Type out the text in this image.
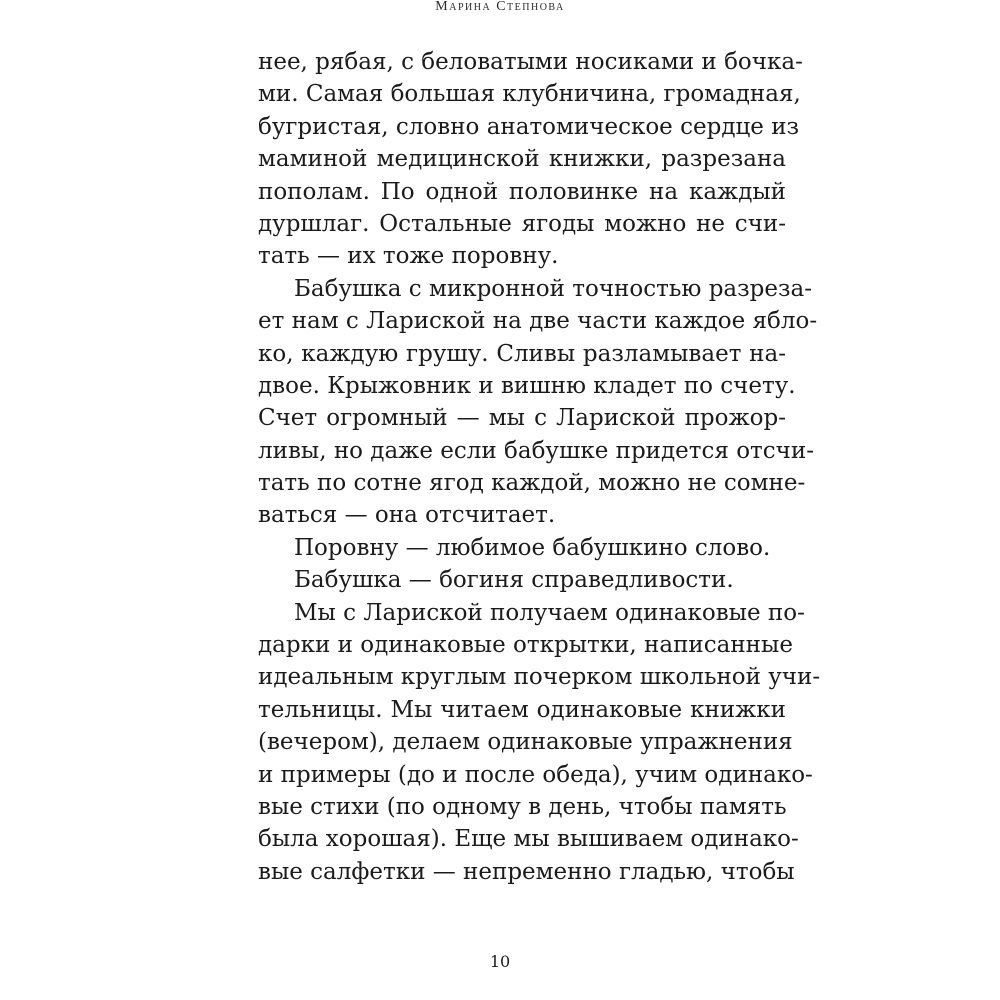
Марина Степнова
нее, рябая, с беловатыми носиками и бочка-
ми. Самая большая клубничина, громадная,
бугристая, словно анатомическое сердце из
маминой медицинской книжки, разрезана
пополам. По одной половинке на каждый
дуршлаг. Остальные ягоды можно не счи-
тать — их тоже поровну.
Бабушка с микронной точностью разреза-
ет нам с Лариской на две части каждое ябло-
ко, каждую грушу. Сливы разламывает на-
двое. Крыжовник и вишню кладет по счету.
Счет огромный — мы с Лариской прожор-
ливы, но даже если бабушке придется отсчи-
тать по сотне ягод каждой, можно не сомне-
ваться — она отсчитает.
Поровну — любимое бабушкино слово.
Бабушка — богиня справедливости.
Мы с Лариской получаем одинаковые по-
дарки и одинаковые открытки, написанные
идеальным круглым почерком школьной учи-
тельницы. Мы читаем одинаковые книжки
(вечером), делаем одинаковые упражнения
и примеры (до и после обеда), учим одинако-
вые стихи (по одному в день, чтобы память
была хорошая). Еще мы вышиваем одинако-
вые салфетки — непременно гладью, чтобы
10
